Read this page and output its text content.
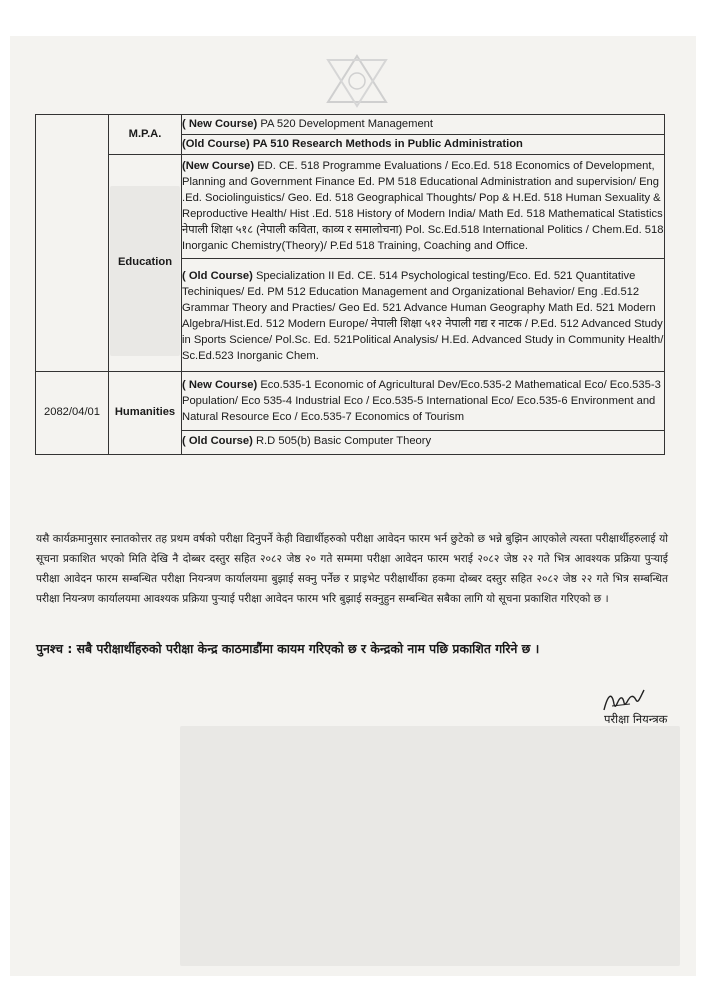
	M.P.A.	( New Course) PA 520 Development Management
		(Old Course) PA 510 Research Methods in Public Administration
	Education	(New Course) ED. CE. 518 Programme Evaluations / Eco.Ed. 518 Economics of Development, Planning and Government Finance Ed. PM 518 Educational Administration and supervision/ Eng .Ed. Sociolinguistics/ Geo. Ed. 518 Geographical Thoughts/ Pop & H.Ed. 518 Human Sexuality & Reproductive Health/ Hist .Ed. 518 History of Modern India/ Math Ed. 518 Mathematical Statistics नेपाली शिक्षा ५१८ (नेपाली कविता, काव्य र समालोचना) Pol. Sc.Ed.518 International Politics / Chem.Ed. 518 Inorganic Chemistry(Theory)/ P.Ed 518 Training, Coaching and Office.
		( Old Course) Specialization II Ed. CE. 514 Psychological testing/Eco. Ed. 521 Quantitative Techiniques/ Ed. PM 512 Education Management and Organizational Behavior/ Eng .Ed.512 Grammar Theory and Practies/ Geo Ed. 521 Advance Human Geography Math Ed. 521 Modern Algebra/Hist.Ed. 512 Modern Europe/ नेपाली शिक्षा ५१२ नेपाली गद्य र नाटक / P.Ed. 512 Advanced Study in Sports Science/ Pol.Sc. Ed. 521Political Analysis/ H.Ed. Advanced Study in Community Health/ Sc.Ed.523 Inorganic Chem.
2082/04/01	Humanities	( New Course) Eco.535-1 Economic of Agricultural Dev/Eco.535-2 Mathematical Eco/ Eco.535-3 Population/ Eco 535-4 Industrial Eco / Eco.535-5 International Eco/ Eco.535-6 Environment and Natural Resource Eco / Eco.535-7 Economics of Tourism
		( Old Course) R.D 505(b) Basic Computer Theory

यसै कार्यक्रमानुसार स्नातकोत्तर तह प्रथम वर्षको परीक्षा दिनुपर्ने केही विद्यार्थीहरुको परीक्षा आवेदन फारम भर्न छुटेको छ भन्ने बुझिन आएकोले त्यस्ता परीक्षार्थीहरुलाई यो सूचना प्रकाशित भएको मिति देखि नै दोब्बर दस्तुर सहित २०८२ जेष्ठ २० गते सम्ममा परीक्षा आवेदन फारम भराई २०८२ जेष्ठ २२ गते भित्र आवश्यक प्रक्रिया पुऱ्याई परीक्षा आवेदन फारम सम्बन्धित परीक्षा नियन्त्रण कार्यालयमा बुझाई सक्नु पर्नेछ र प्राइभेट परीक्षार्थीका हकमा दोब्बर दस्तुर सहित २०८२ जेष्ठ २२ गते भित्र सम्बन्धित परीक्षा नियन्त्रण कार्यालयमा आवश्यक प्रक्रिया पुऱ्याई परीक्षा आवेदन फारम भरि बुझाई सक्नुहुन सम्बन्धित सबैका लागि यो सूचना प्रकाशित गरिएको छ ।

पुनश्च : सबै परीक्षार्थीहरुको परीक्षा केन्द्र काठमाडौंमा कायम गरिएको छ र केन्द्रको नाम पछि प्रकाशित गरिने छ ।
परीक्षा नियन्त्रक
